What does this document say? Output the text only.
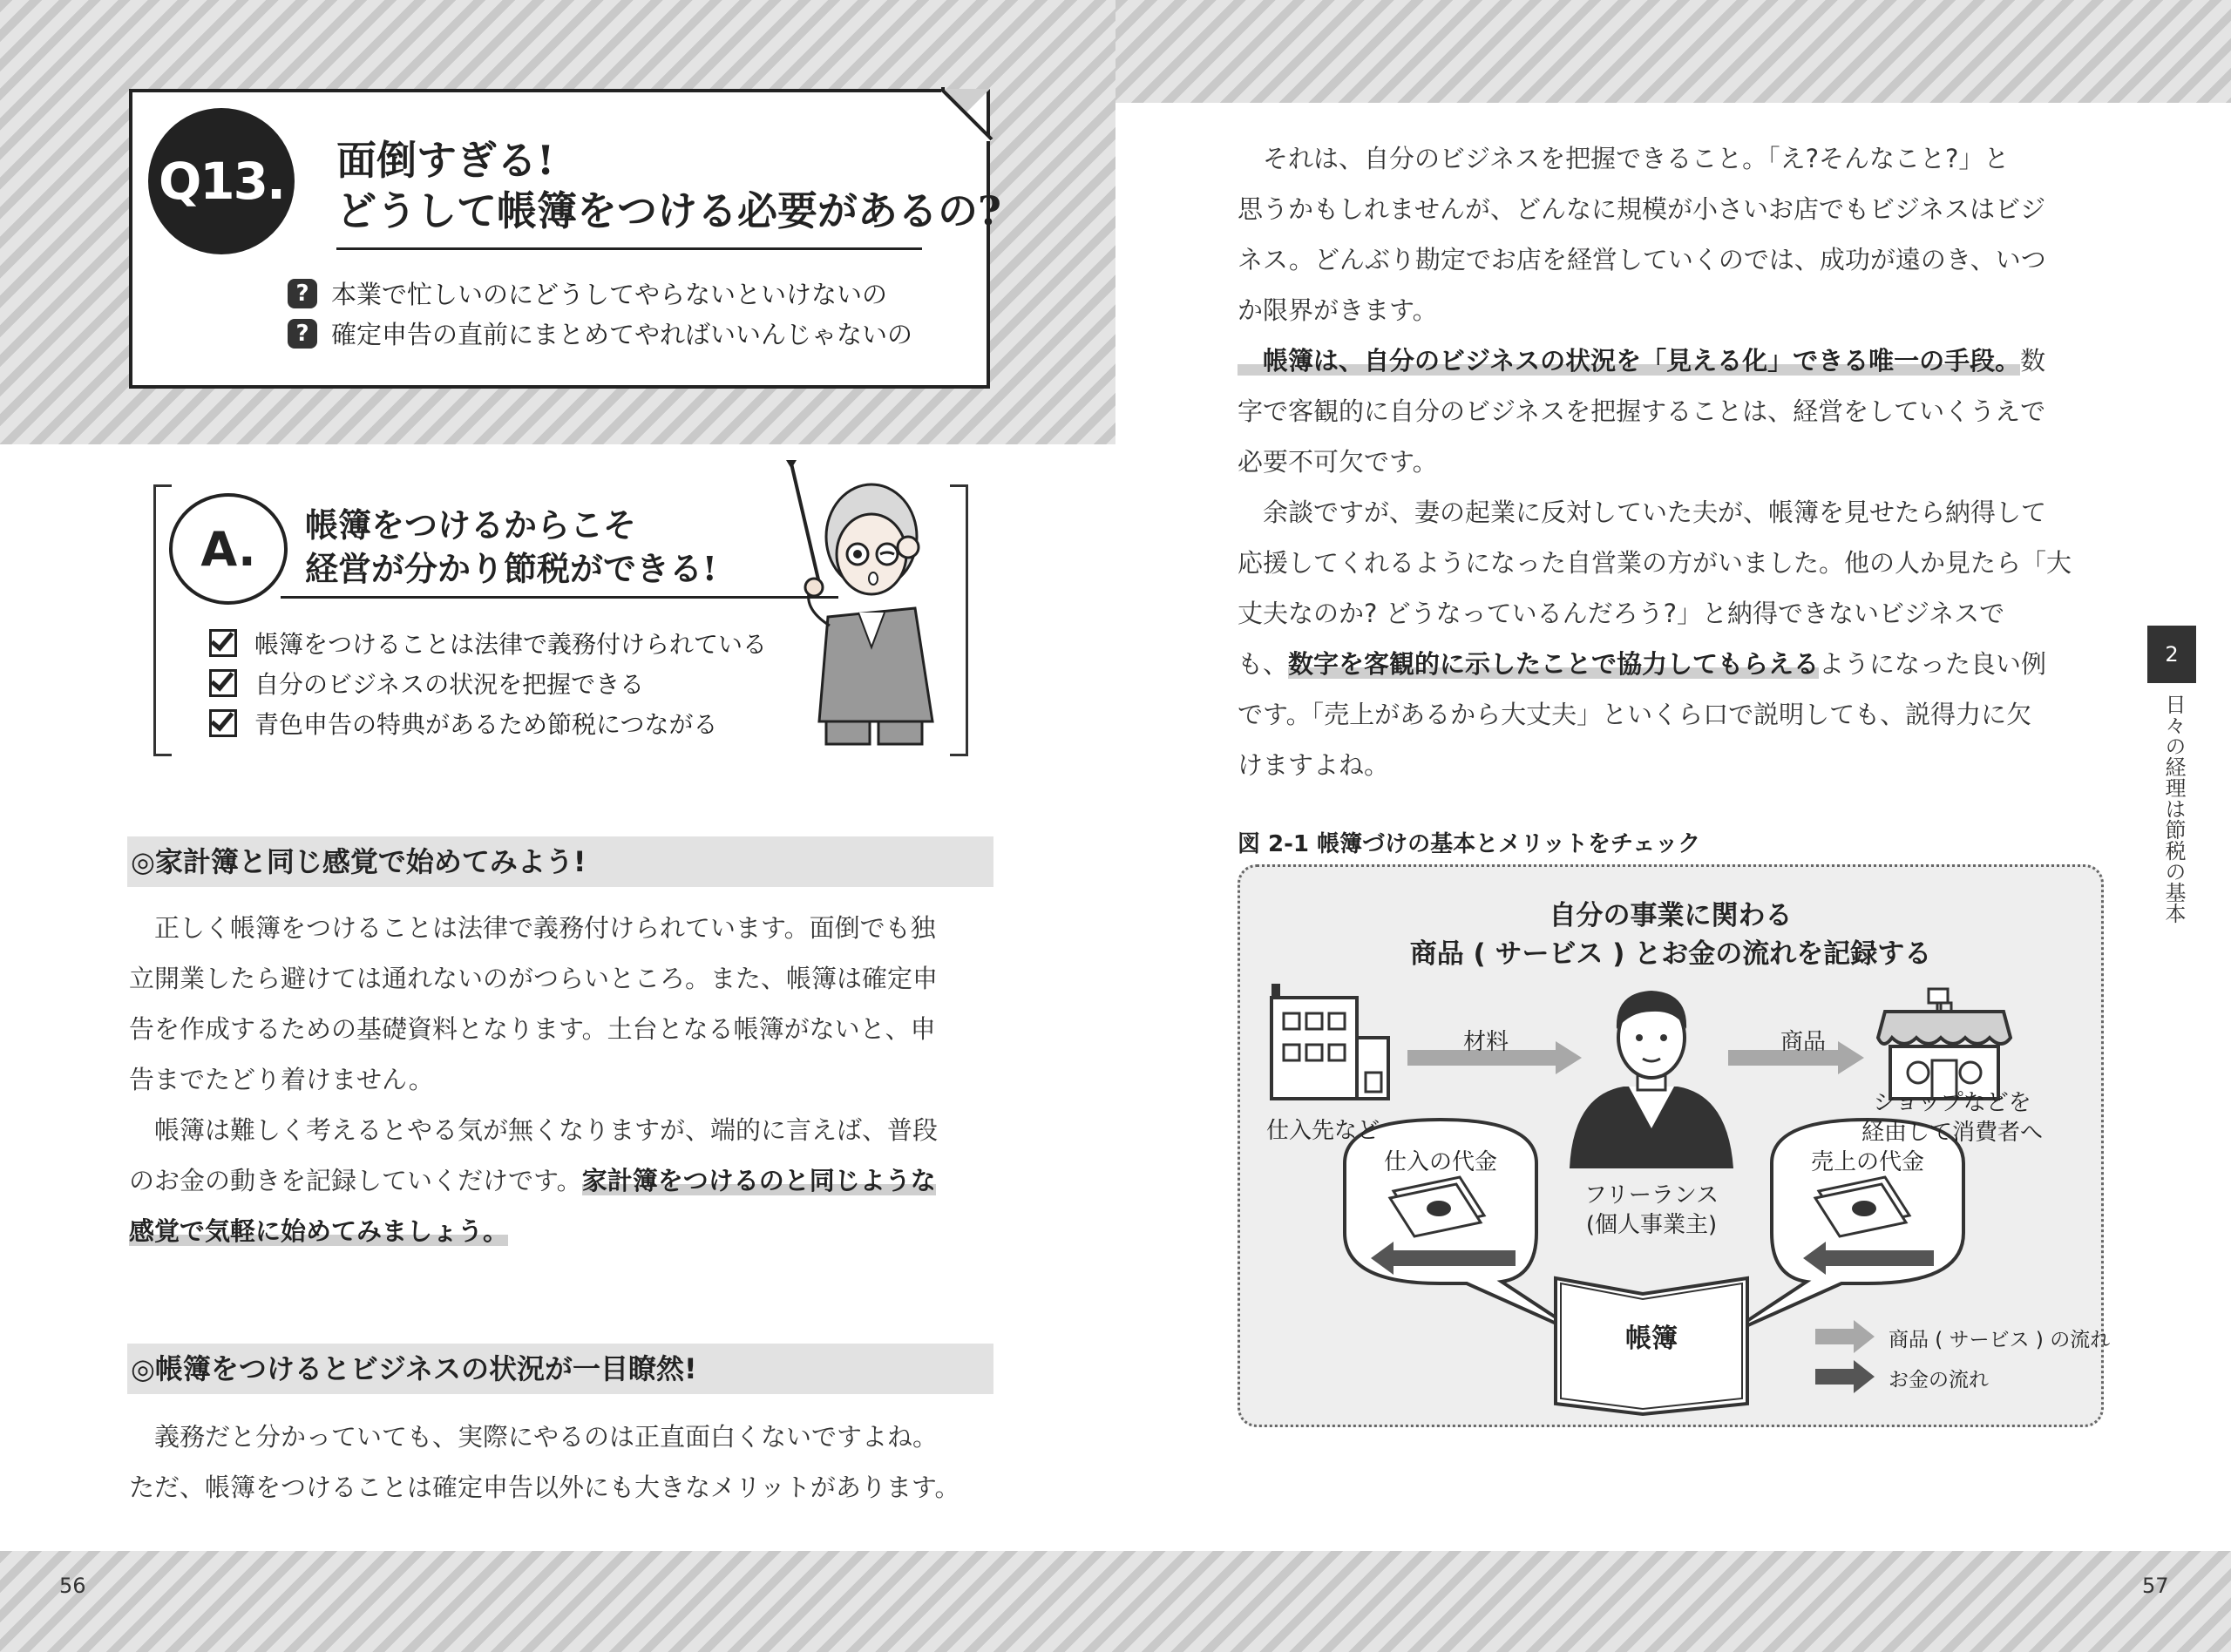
Q13. 面倒すぎる!
どうして帳簿をつける必要があるの?
? 本業で忙しいのにどうしてやらないといけないの
? 確定申告の直前にまとめてやればいいんじゃないの
A.	帳簿をつけるからこそ
経営が分かり節税ができる!
帳簿をつけることは法律で義務付けられている
自分のビジネスの状況を把握できる
青色申告の特典があるため節税につながる
◎家計簿と同じ感覚で始めてみよう!
正しく帳簿をつけることは法律で義務付けられています。面倒でも独
立開業したら避けては通れないのがつらいところ。また、帳簿は確定申
告を作成するための基礎資料となります。土台となる帳簿がないと、申
告までたどり着けません。
帳簿は難しく考えるとやる気が無くなりますが、端的に言えば、普段
のお金の動きを記録していくだけです。家計簿をつけるのと同じような
感覚で気軽に始めてみましょう。
◎帳簿をつけるとビジネスの状況が一目瞭然!
義務だと分かっていても、実際にやるのは正直面白くないですよね。
ただ、帳簿をつけることは確定申告以外にも大きなメリットがあります。
それは、自分のビジネスを把握できること。「え?そんなこと?」と
思うかもしれませんが、どんなに規模が小さいお店でもビジネスはビジ
ネス。どんぶり勘定でお店を経営していくのでは、成功が遠のき、いつ
か限界がきます。
帳簿は、自分のビジネスの状況を「見える化」できる唯一の手段。数
字で客観的に自分のビジネスを把握することは、経営をしていくうえで
必要不可欠です。
余談ですが、妻の起業に反対していた夫が、帳簿を見せたら納得して
応援してくれるようになった自営業の方がいました。他の人か見たら「大
丈夫なのか? どうなっているんだろう?」と納得できないビジネスで
も、数字を客観的に示したことで協力してもらえるようになった良い例
です。「売上があるから大丈夫」といくら口で説明しても、説得力に欠
けますよね。
2
日々の経理は節税の基本
図 2-1 帳簿づけの基本とメリットをチェック
自分の事業に関わる
商品 ( サービス ) とお金の流れを記録する
仕入先など
材料	商品
ショップなどを
経由して消費者へ
フリーランス
(個人事業主)
仕入の代金	売上の代金
帳簿	商品 ( サービス ) の流れ
お金の流れ
56	57
